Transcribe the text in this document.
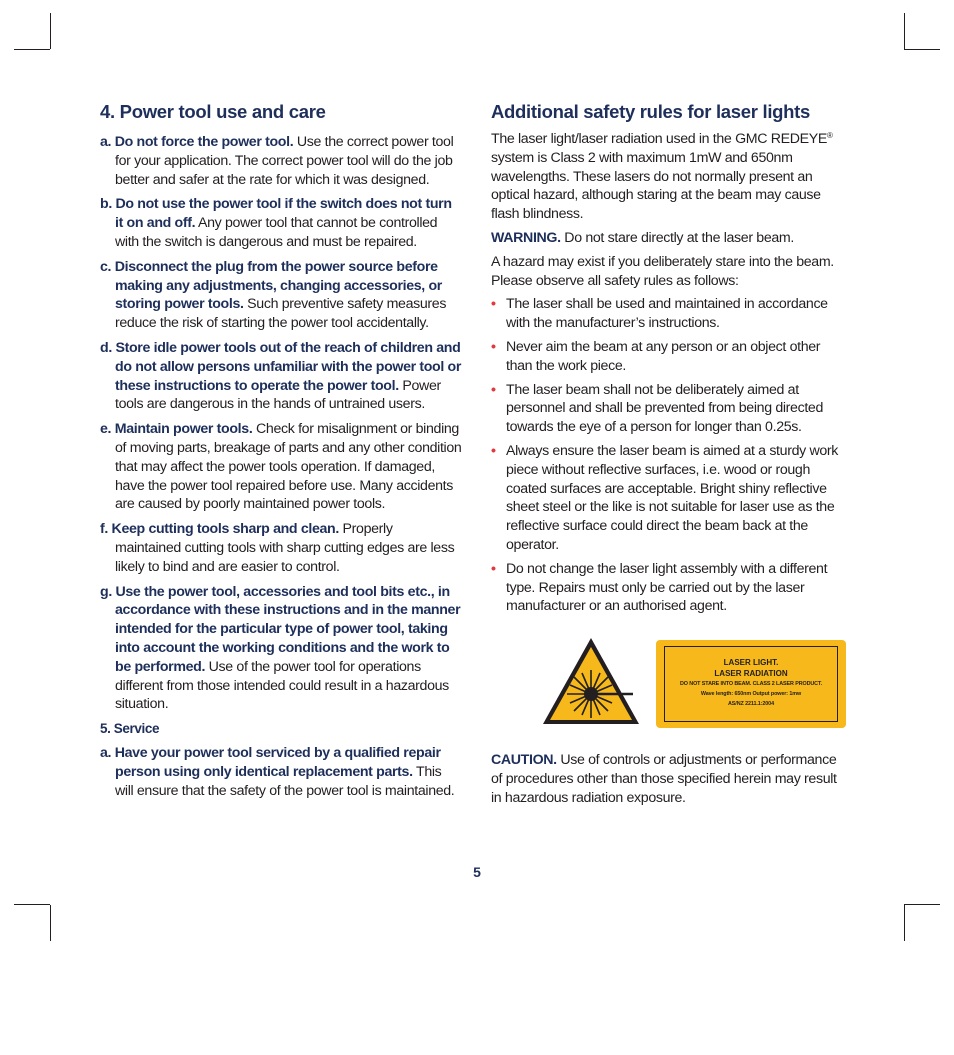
4. Power tool use and care

a. Do not force the power tool. Use the correct power tool for your application. The correct power tool will do the job better and safer at the rate for which it was designed.

b. Do not use the power tool if the switch does not turn it on and off. Any power tool that cannot be controlled with the switch is dangerous and must be repaired.

c. Disconnect the plug from the power source before making any adjustments, changing accessories, or storing power tools. Such preventive safety measures reduce the risk of starting the power tool accidentally.

d. Store idle power tools out of the reach of children and do not allow persons unfamiliar with the power tool or these instructions to operate the power tool. Power tools are dangerous in the hands of untrained users.

e. Maintain power tools. Check for misalignment or binding of moving parts, breakage of parts and any other condition that may affect the power tools operation. If damaged, have the power tool repaired before use. Many accidents are caused by poorly maintained power tools.

f. Keep cutting tools sharp and clean. Properly maintained cutting tools with sharp cutting edges are less likely to bind and are easier to control.

g. Use the power tool, accessories and tool bits etc., in accordance with these instructions and in the manner intended for the particular type of power tool, taking into account the working conditions and the work to be performed. Use of the power tool for operations different from those intended could result in a hazardous situation.

5. Service

a. Have your power tool serviced by a qualified repair person using only identical replacement parts. This will ensure that the safety of the power tool is maintained.

Additional safety rules for laser lights

The laser light/laser radiation used in the GMC REDEYE® system is Class 2 with maximum 1mW and 650nm wavelengths. These lasers do not normally present an optical hazard, although staring at the beam may cause flash blindness.

WARNING. Do not stare directly at the laser beam.

A hazard may exist if you deliberately stare into the beam. Please observe all safety rules as follows:

• The laser shall be used and maintained in accordance with the manufacturer’s instructions.
• Never aim the beam at any person or an object other than the work piece.
• The laser beam shall not be deliberately aimed at personnel and shall be prevented from being directed towards the eye of a person for longer than 0.25s.
• Always ensure the laser beam is aimed at a sturdy work piece without reflective surfaces, i.e. wood or rough coated surfaces are acceptable. Bright shiny reflective sheet steel or the like is not suitable for laser use as the reflective surface could direct the beam back at the operator.
• Do not change the laser light assembly with a different type. Repairs must only be carried out by the laser manufacturer or an authorised agent.
LASER LIGHT.
LASER RADIATION
DO NOT STARE INTO BEAM. CLASS 2 LASER PRODUCT.
Wave length: 650nm Output power: 1mw
AS/NZ 2211.1:2004

CAUTION. Use of controls or adjustments or performance of procedures other than those specified herein may result in hazardous radiation exposure.

5
